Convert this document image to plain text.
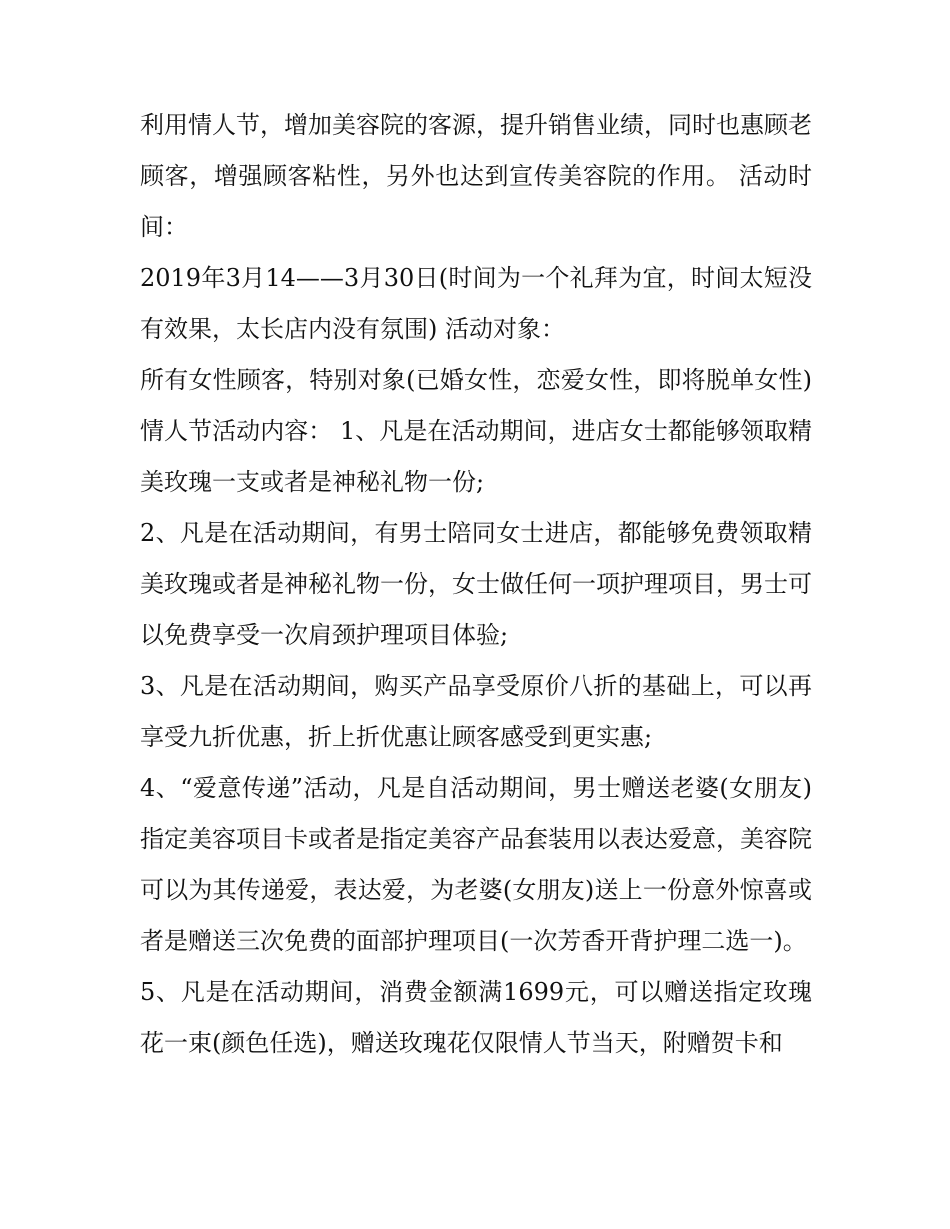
利用情人节，增加美容院的客源，提升销售业绩，同时也惠顾老顾客，增强顾客粘性，另外也达到宣传美容院的作用。 活动时间：

2019年3月14——3月30日(时间为一个礼拜为宜，时间太短没有效果，太长店内没有氛围) 活动对象：

所有女性顾客，特别对象(已婚女性，恋爱女性，即将脱单女性) 情人节活动内容： 1、凡是在活动期间，进店女士都能够领取精美玫瑰一支或者是神秘礼物一份;

2、凡是在活动期间，有男士陪同女士进店，都能够免费领取精美玫瑰或者是神秘礼物一份，女士做任何一项护理项目，男士可以免费享受一次肩颈护理项目体验;

3、凡是在活动期间，购买产品享受原价八折的基础上，可以再享受九折优惠，折上折优惠让顾客感受到更实惠;

4、“爱意传递”活动，凡是自活动期间，男士赠送老婆(女朋友)指定美容项目卡或者是指定美容产品套装用以表达爱意，美容院可以为其传递爱，表达爱，为老婆(女朋友)送上一份意外惊喜或者是赠送三次免费的面部护理项目(一次芳香开背护理二选一)。

5、凡是在活动期间，消费金额满1699元，可以赠送指定玫瑰花一束(颜色任选)，赠送玫瑰花仅限情人节当天，附赠贺卡和
